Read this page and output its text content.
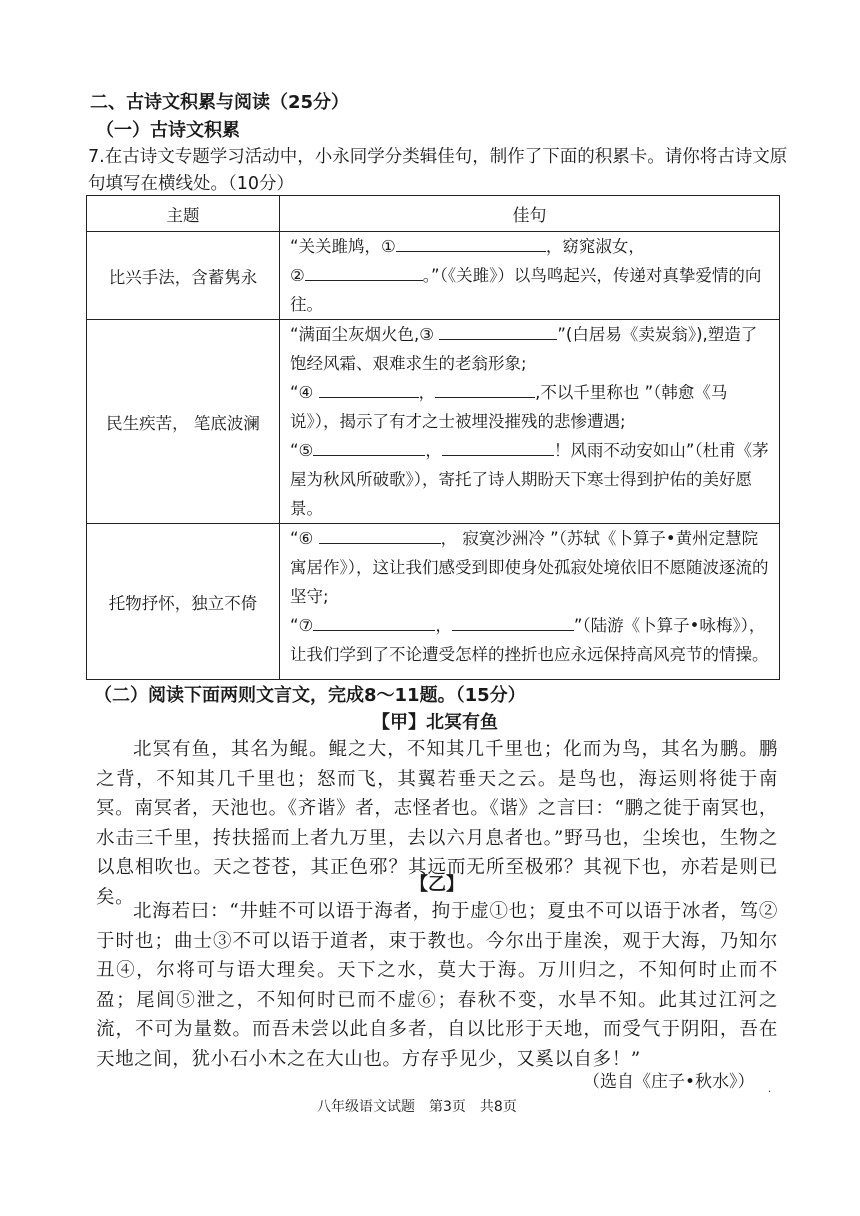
二、古诗文积累与阅读（25分）
（一）古诗文积累
7.在古诗文专题学习活动中，小永同学分类辑佳句，制作了下面的积累卡。请你将古诗文原句填写在横线处。（10分）
主题	佳句
比兴手法，含蓄隽永	“关关雎鸠，① ，窈窕淑女，
② 。”（《关雎》）以鸟鸣起兴，传递对真挚爱情的向往。
民生疾苦， 笔底波澜	“满面尘灰烟火色,③ ”(白居易《卖炭翁》),塑造了饱经风霜、艰难求生的老翁形象;
“④ ， ,不以千里称也 ”（韩愈《马说》），揭示了有才之士被埋没摧残的悲惨遭遇;
“⑤ ， ！风雨不动安如山”（杜甫《茅屋为秋风所破歌》），寄托了诗人期盼天下寒士得到护佑的美好愿景。
托物抒怀，独立不倚	“⑥ ， 寂寞沙洲冷 ”（苏轼《卜算子•黄州定慧院寓居作》），这让我们感受到即使身处孤寂处境依旧不愿随波逐流的坚守;
“⑦ ， ”（陆游《卜算子•咏梅》），让我们学到了不论遭受怎样的挫折也应永远保持高风亮节的情操。
（二）阅读下面两则文言文，完成8～11题。（15分）
【甲】北冥有鱼
北冥有鱼，其名为鲲。鲲之大，不知其几千里也；化而为鸟，其名为鹏。鹏之背，不知其几千里也；怒而飞，其翼若垂天之云。是鸟也，海运则将徙于南冥。南冥者，天池也。《齐谐》者，志怪者也。《谐》之言曰：“鹏之徙于南冥也，水击三千里，抟扶摇而上者九万里，去以六月息者也。”野马也，尘埃也，生物之以息相吹也。天之苍苍，其正色邪？其远而无所至极邪？其视下也，亦若是则已矣。
【乙】
北海若曰：“井蛙不可以语于海者，拘于虚①也；夏虫不可以语于冰者，笃②于时也；曲士③不可以语于道者，束于教也。今尔出于崖涘，观于大海，乃知尔丑④，尔将可与语大理矣。天下之水，莫大于海。万川归之，不知何时止而不盈；尾闾⑤泄之，不知何时已而不虚⑥；春秋不变，水旱不知。此其过江河之流，不可为量数。而吾未尝以此自多者，自以比形于天地，而受气于阴阳，吾在天地之间，犹小石小木之在大山也。方存乎见少，又奚以自多！”
（选自《庄子•秋水》）
八年级语文试题　第3页　共8页
·
